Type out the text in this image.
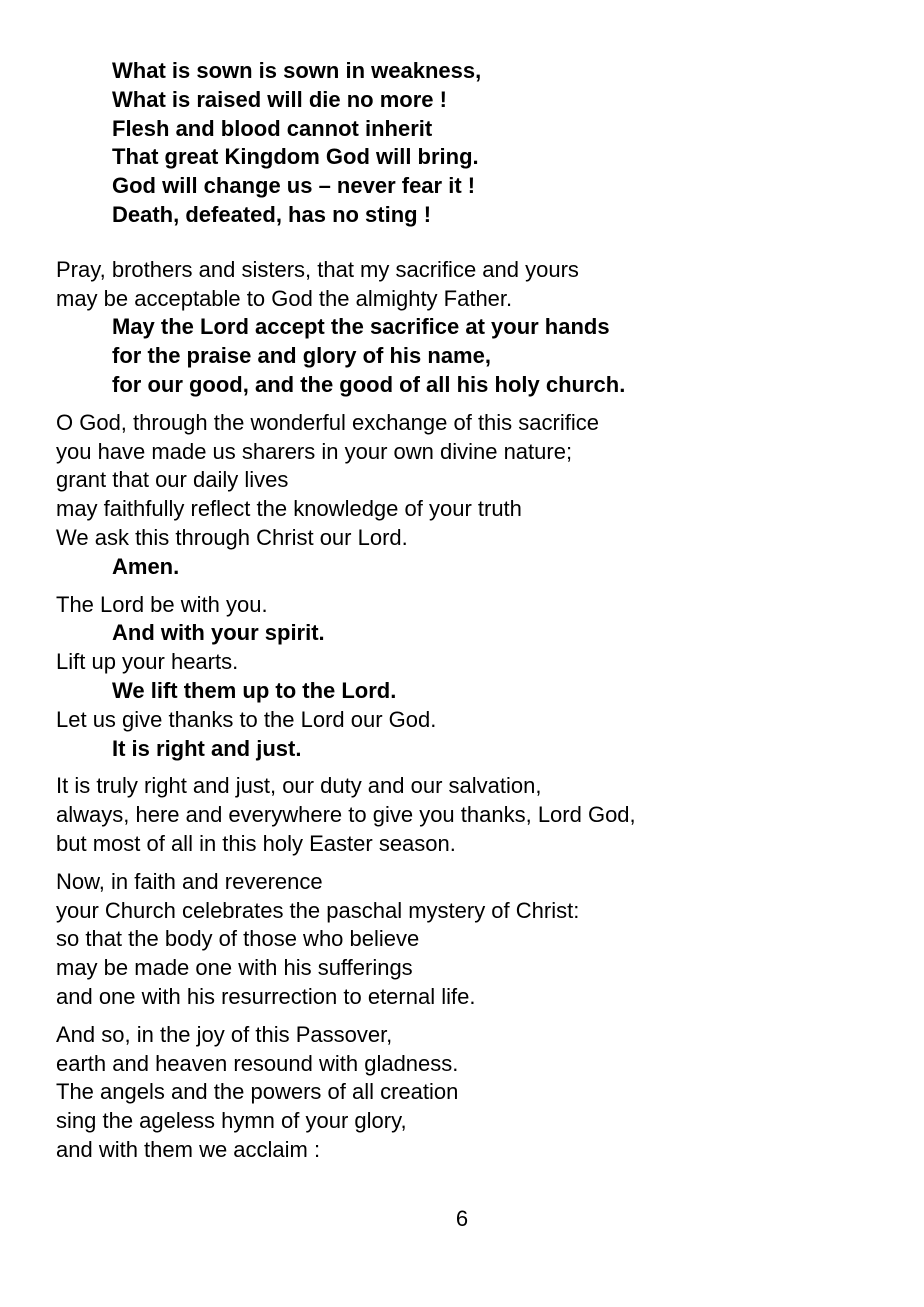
What is sown is sown in weakness,
What is raised will die no more !
Flesh and blood cannot inherit
That great Kingdom God will bring.
God will change us – never fear it !
Death, defeated, has no sting !
Pray, brothers and sisters, that my sacrifice and yours
may be acceptable to God the almighty Father.
May the Lord accept the sacrifice at your hands
for the praise and glory of his name,
for our good, and the good of all his holy church.
O God, through the wonderful exchange of this sacrifice
you have made us sharers in your own divine nature;
grant that our daily lives
may faithfully reflect the knowledge of your truth
We ask this through Christ our Lord.
Amen.
The Lord be with you.
And with your spirit.
Lift up your hearts.
We lift them up to the Lord.
Let us give thanks to the Lord our God.
It is right and just.
It is truly right and just, our duty and our salvation,
always, here and everywhere to give you thanks, Lord God,
but most of all in this holy Easter season.
Now, in faith and reverence
your Church celebrates the paschal mystery of Christ:
so that the body of those who believe
may be made one with his sufferings
and one with his resurrection to eternal life.
And so, in the joy of this Passover,
earth and heaven resound with gladness.
The angels and the powers of all creation
sing the ageless hymn of your glory,
and with them we acclaim :
6
